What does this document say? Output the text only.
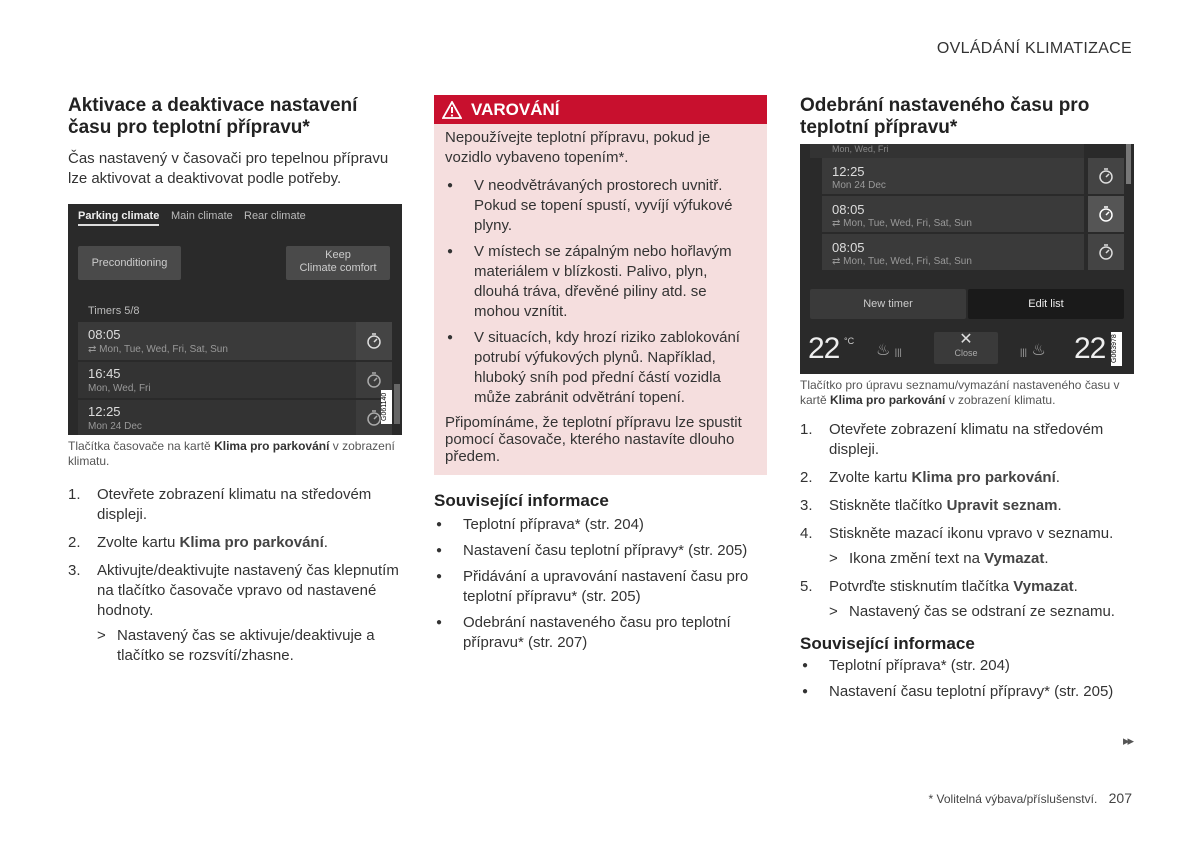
OVLÁDÁNÍ KLIMATIZACE
Aktivace a deaktivace nastavení času pro teplotní přípravu*

Čas nastavený v časovači pro tepelnou přípravu lze aktivovat a deaktivovat podle potřeby.

Parking climate Main climate Rear climate
Preconditioning
Keep
Climate comfort
Timers 5/8
08:05
⇄ Mon, Tue, Wed, Fri, Sat, Sun
16:45
Mon, Wed, Fri
12:25
Mon 24 Dec
G061140

Tlačítka časovače na kartě Klima pro parkování v zobrazení klimatu.

1. Otevřete zobrazení klimatu na středovém displeji.
2. Zvolte kartu Klima pro parkování.
3. Aktivujte/deaktivujte nastavený čas klepnutím na tlačítko časovače vpravo od nastavené hodnoty.
> Nastavený čas se aktivuje/deaktivuje a tlačítko se rozsvítí/zhasne.
VAROVÁNÍ

Nepoužívejte teplotní přípravu, pokud je vozidlo vybaveno topením*.

● V neodvětrávaných prostorech uvnitř. Pokud se topení spustí, vyvíjí výfukové plyny.
● V místech se zápalným nebo hořlavým materiálem v blízkosti. Palivo, plyn, dlouhá tráva, dřevěné piliny atd. se mohou vznítit.
● V situacích, kdy hrozí riziko zablokování potrubí výfukových plynů. Například, hluboký sníh pod přední částí vozidla může zabránit odvětrání topení.

Připomínáme, že teplotní přípravu lze spustit pomocí časovače, kterého nastavíte dlouho předem.

Související informace
● Teplotní příprava* (str. 204)
● Nastavení času teplotní přípravy* (str. 205)
● Přidávání a upravování nastavení času pro teplotní přípravu* (str. 205)
● Odebrání nastaveného času pro teplotní přípravu* (str. 207)
Odebrání nastaveného času pro teplotní přípravu*
Mon, Wed, Fri
12:25
Mon 24 Dec
08:05
⇄ Mon, Tue, Wed, Fri, Sat, Sun
08:05
⇄ Mon, Tue, Wed, Fri, Sat, Sun
New timer	Edit list
22 °C
♨ |||
✕
Close	||| ♨ 22 G063978

Tlačítko pro úpravu seznamu/vymazání nastaveného času v kartě Klima pro parkování v zobrazení klimatu.

1. Otevřete zobrazení klimatu na středovém displeji.
2. Zvolte kartu Klima pro parkování.
3. Stiskněte tlačítko Upravit seznam.
4. Stiskněte mazací ikonu vpravo v seznamu.
> Ikona změní text na Vymazat.
5. Potvrďte stisknutím tlačítka Vymazat.
> Nastavený čas se odstraní ze seznamu.
Související informace
● Teplotní příprava* (str. 204)
● Nastavení času teplotní přípravy* (str. 205)
▸▸
* Volitelná výbava/příslušenství. 207
